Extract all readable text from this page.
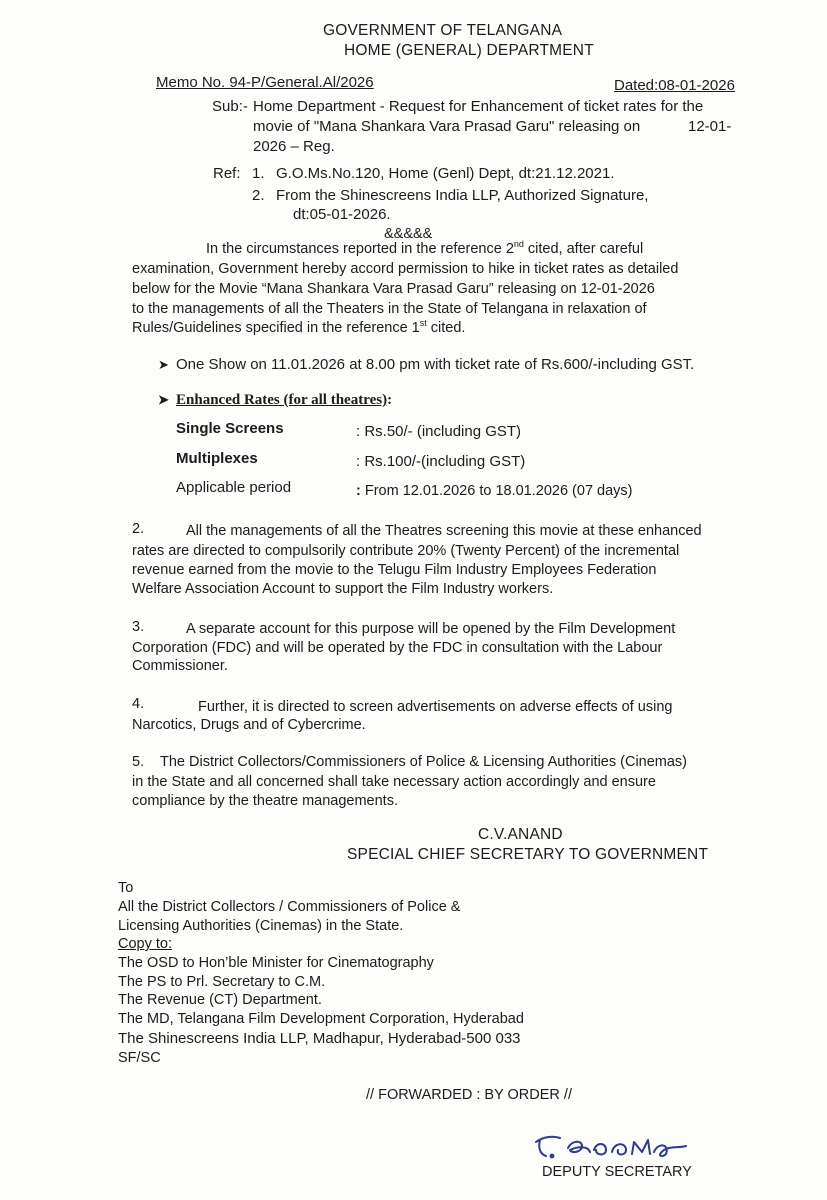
GOVERNMENT OF TELANGANA
HOME (GENERAL) DEPARTMENT
Memo No. 94-P/General.Al/2026	Dated:08-01-2026
Sub:- Home Department - Request for Enhancement of ticket rates for the
movie of "Mana Shankara Vara Prasad Garu" releasing on	12-01-
2026 – Reg.
Ref: 1. G.O.Ms.No.120, Home (Genl) Dept, dt:21.12.2021.
2. From the Shinescreens India LLP, Authorized Signature,
dt:05-01-2026.
&&&&&
In the circumstances reported in the reference 2nd cited, after careful
examination, Government hereby accord permission to hike in ticket rates as detailed
below for the Movie “Mana Shankara Vara Prasad Garu” releasing on 12-01-2026
to the managements of all the Theaters in the State of Telangana in relaxation of
Rules/Guidelines specified in the reference 1st cited.
➤ One Show on 11.01.2026 at 8.00 pm with ticket rate of Rs.600/-including GST.
➤ Enhanced Rates (for all theatres):
Single Screens	: Rs.50/- (including GST)
Multiplexes	: Rs.100/-(including GST)
Applicable period	: From 12.01.2026 to 18.01.2026 (07 days)
2.	All the managements of all the Theatres screening this movie at these enhanced
rates are directed to compulsorily contribute 20% (Twenty Percent) of the incremental
revenue earned from the movie to the Telugu Film Industry Employees Federation
Welfare Association Account to support the Film Industry workers.
3.	A separate account for this purpose will be opened by the Film Development
Corporation (FDC) and will be operated by the FDC in consultation with the Labour
Commissioner.
4.	Further, it is directed to screen advertisements on adverse effects of using
Narcotics, Drugs and of Cybercrime.
5. The District Collectors/Commissioners of Police & Licensing Authorities (Cinemas)
in the State and all concerned shall take necessary action accordingly and ensure
compliance by the theatre managements.
C.V.ANAND
SPECIAL CHIEF SECRETARY TO GOVERNMENT
To
All the District Collectors / Commissioners of Police &
Licensing Authorities (Cinemas) in the State.
Copy to:
The OSD to Hon’ble Minister for Cinematography
The PS to Prl. Secretary to C.M.
The Revenue (CT) Department.
The MD, Telangana Film Development Corporation, Hyderabad
The Shinescreens India LLP, Madhapur, Hyderabad-500 033
SF/SC
// FORWARDED : BY ORDER //
DEPUTY SECRETARY
